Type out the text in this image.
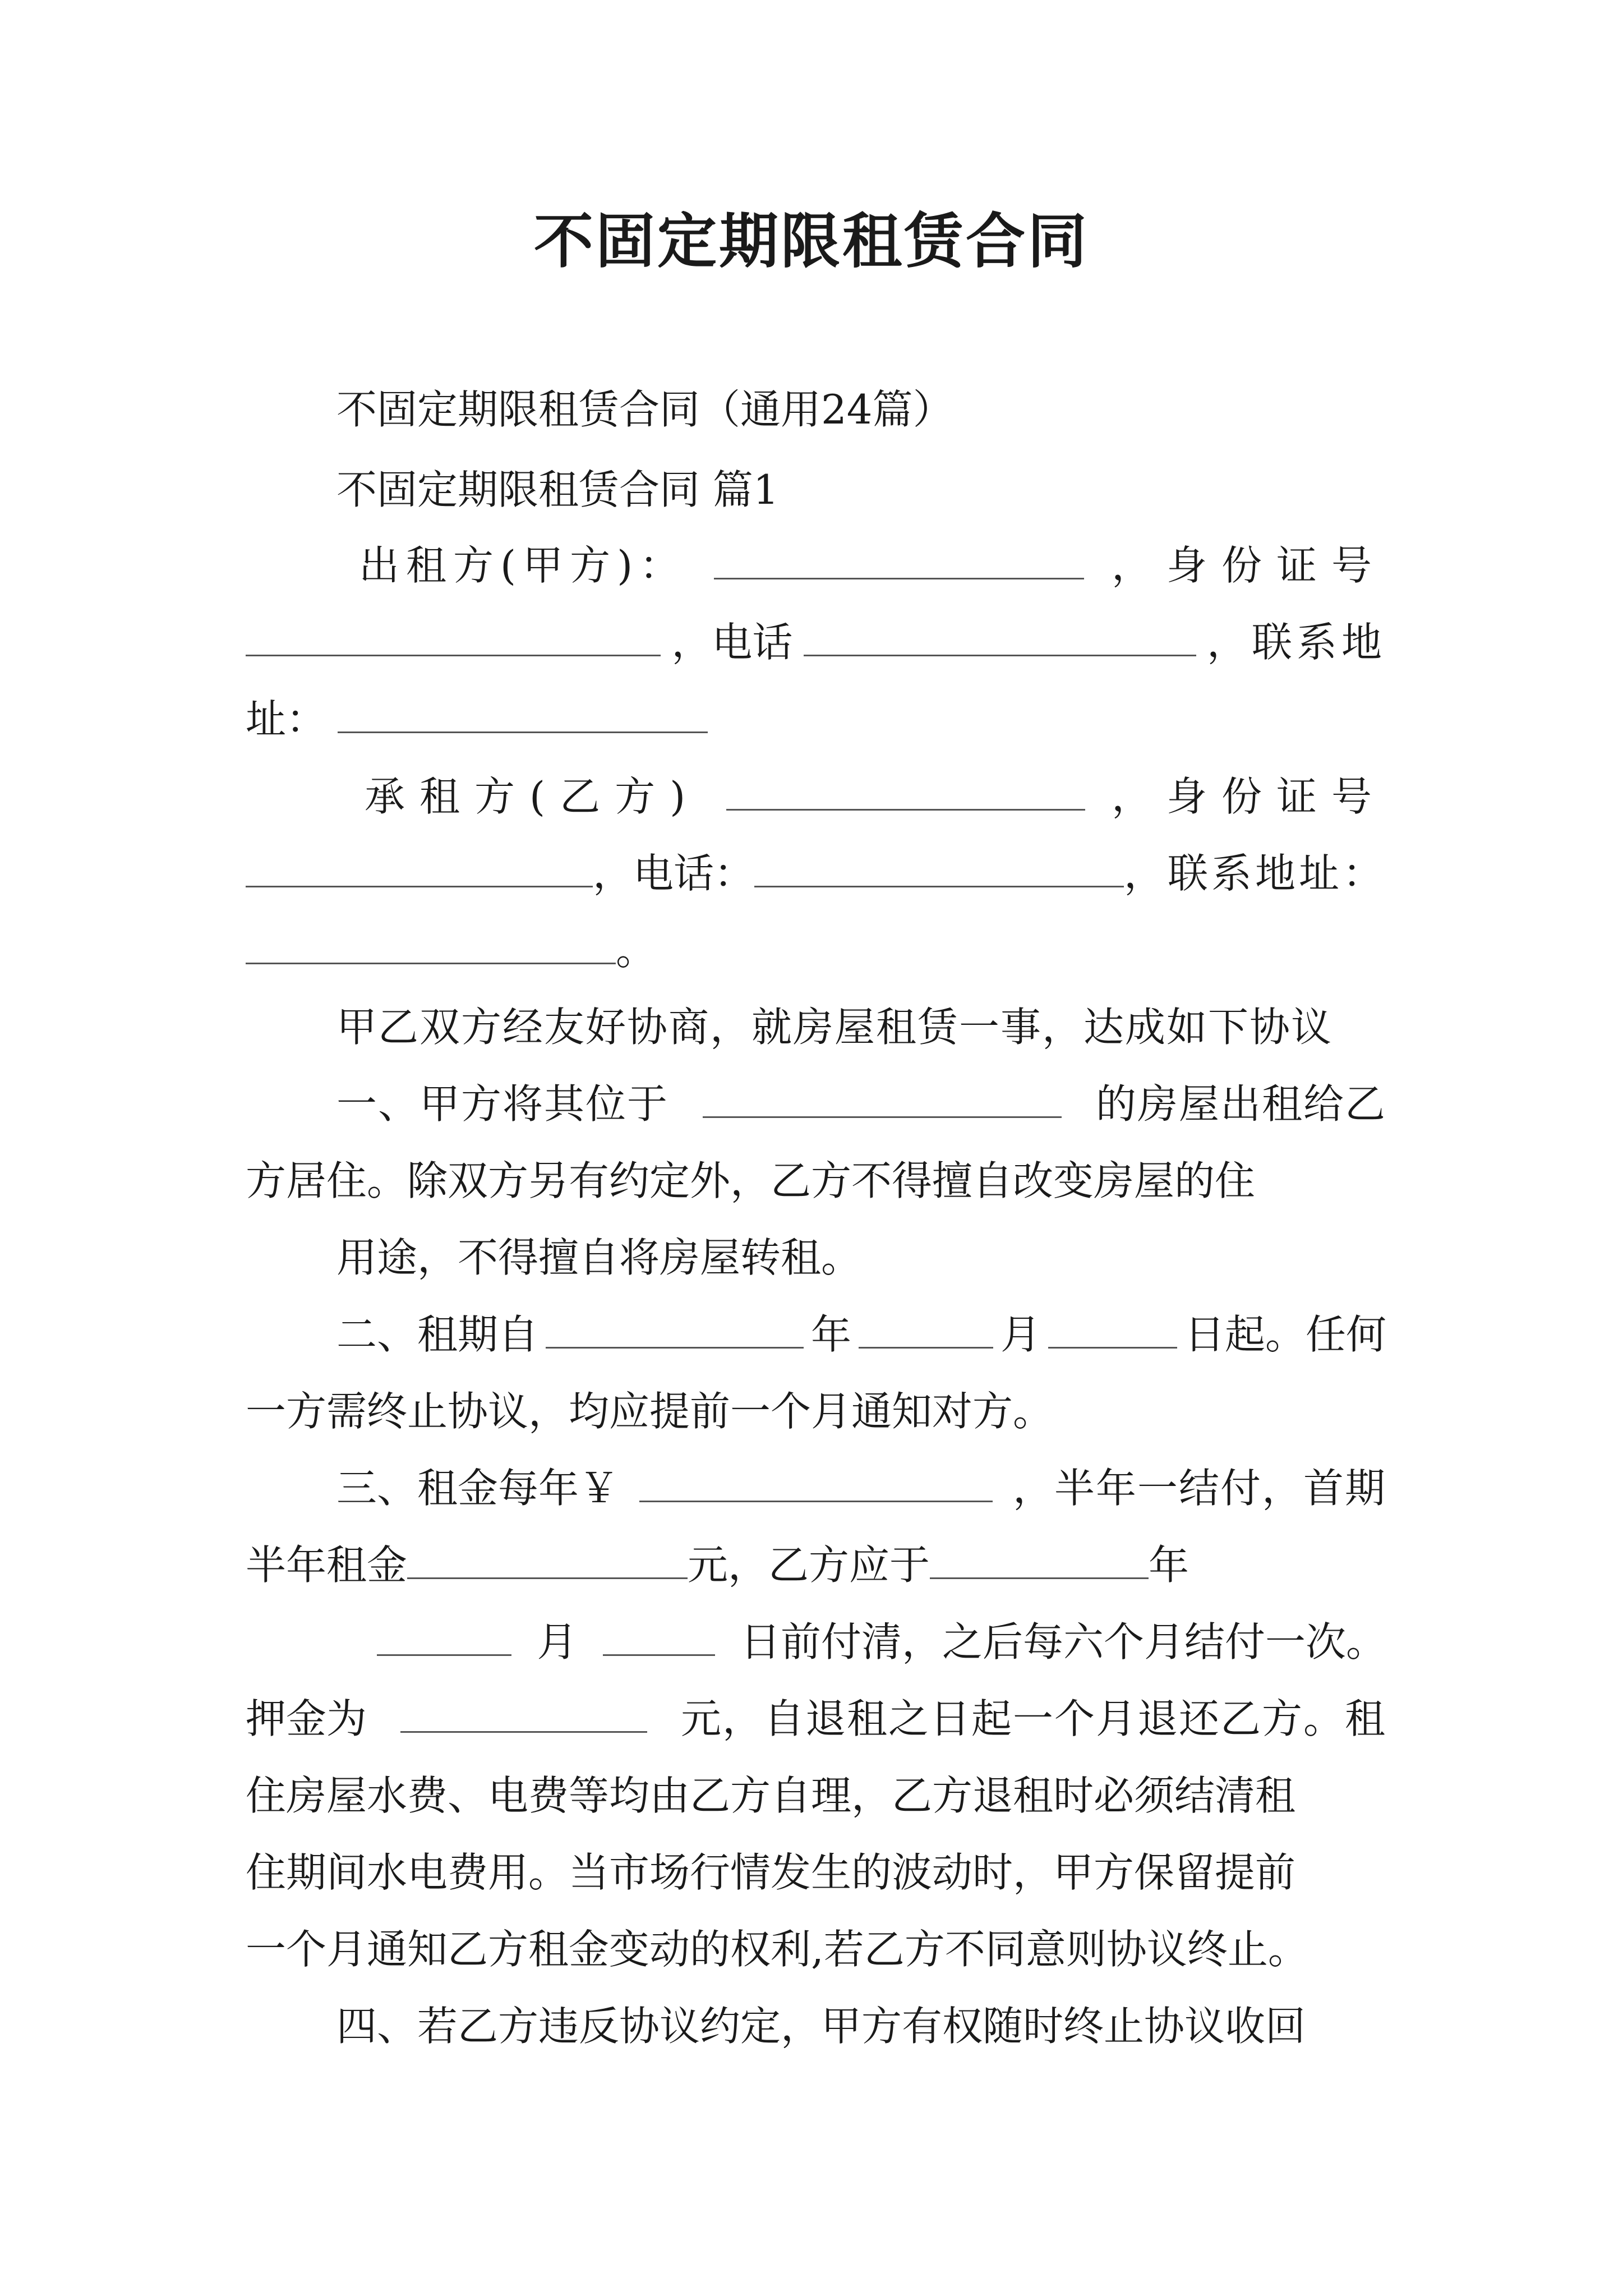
不固定期限租赁合同
不固定期限租赁合同（通用24篇）
不固定期限租赁合同 篇1
出租方(甲方)：	，身份证号
，电话	，联系地
址：
承租方(乙方)	，身份证号
，电话：	，联系地址：
。
甲乙双方经友好协商，就房屋租赁一事，达成如下协议
一、甲方将其位于	的房屋出租给乙
方居住。除双方另有约定外，乙方不得擅自改变房屋的住
用途，不得擅自将房屋转租。
二、租期自	年	月	日起。任何
一方需终止协议，均应提前一个月通知对方。
三、租金每年￥	，半年一结付，首期
半年租金	元，乙方应于	年
月	日前付清，之后每六个月结付一次。
押金为	元，自退租之日起一个月退还乙方。租
住房屋水费、电费等均由乙方自理，乙方退租时必须结清租
住期间水电费用。当市场行情发生的波动时，甲方保留提前
一个月通知乙方租金变动的权利,若乙方不同意则协议终止。
四、若乙方违反协议约定，甲方有权随时终止协议收回
